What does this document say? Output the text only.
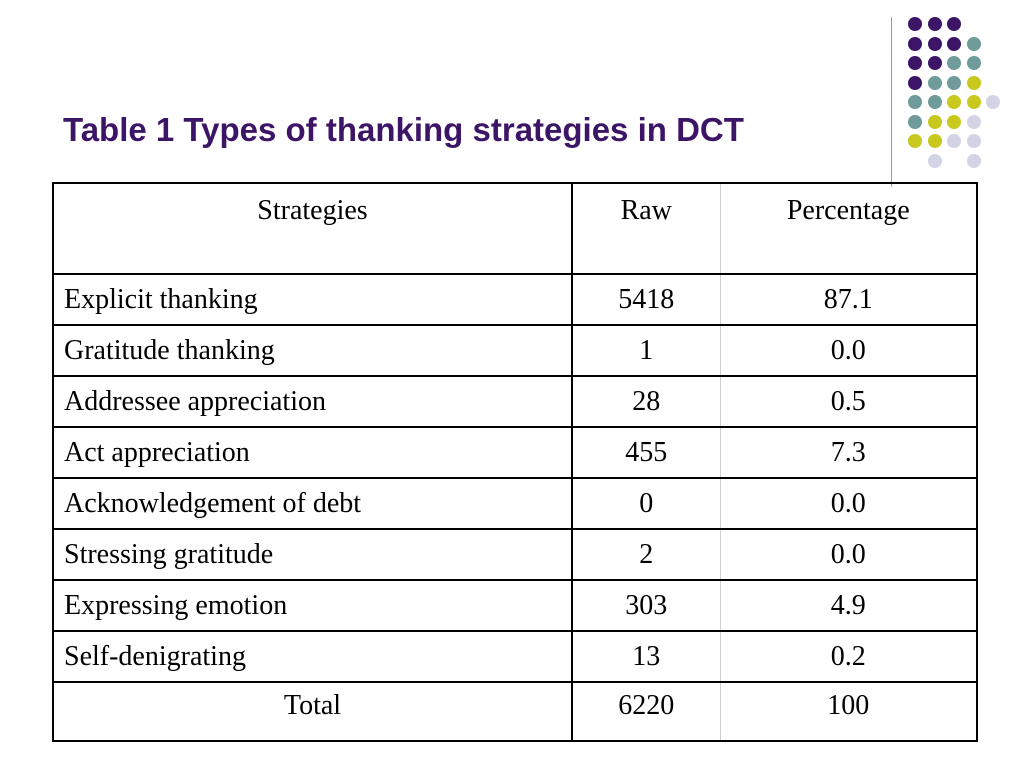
Table 1 Types of thanking strategies in DCT
Strategies	Raw	Percentage
Explicit thanking	5418	87.1
Gratitude thanking	1	0.0
Addressee appreciation	28	0.5
Act appreciation	455	7.3
Acknowledgement of debt	0	0.0
Stressing gratitude	2	0.0
Expressing emotion	303	4.9
Self-denigrating	13	0.2
Total	6220	100
